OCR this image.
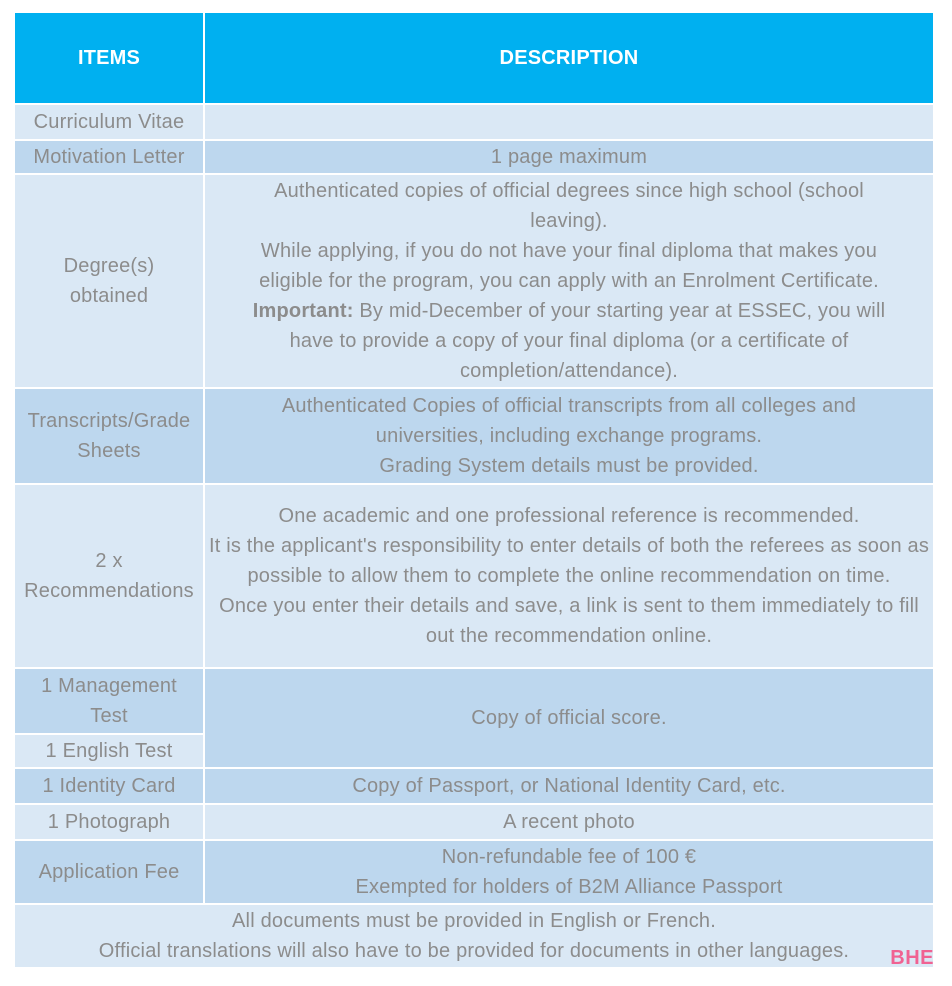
ITEMS	DESCRIPTION
Curriculum Vitae	
Motivation Letter	1 page maximum
Degree(s) obtained	Authenticated copies of official degrees since high school (school leaving).
While applying, if you do not have your final diploma that makes you eligible for the program, you can apply with an Enrolment Certificate.
Important: By mid-December of your starting year at ESSEC, you will have to provide a copy of your final diploma (or a certificate of completion/attendance).

Transcripts/Grade Sheets	Authenticated Copies of official transcripts from all colleges and universities, including exchange programs.
Grading System details must be provided.

2 x Recommendations	One academic and one professional reference is recommended.
It is the applicant's responsibility to enter details of both the referees as soon as possible to allow them to complete the online recommendation on time.
Once you enter their details and save, a link is sent to them immediately to fill out the recommendation online.

1 Management Test	Copy of official score.
1 English Test	
1 Identity Card	Copy of Passport, or National Identity Card, etc.
1 Photograph	A recent photo
Application Fee	Non-refundable fee of 100 €
Exempted for holders of B2M Alliance Passport

All documents must be provided in English or French.
Official translations will also have to be provided for documents in other languages.		BHE
